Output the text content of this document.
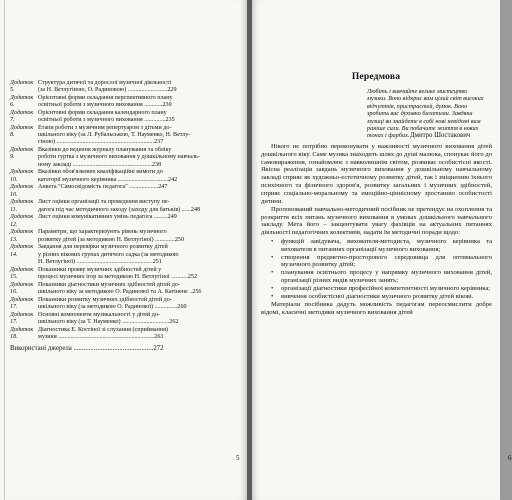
Додаток 5.
Структура дитячої та дорослої музичної діяльності
(за Н. Ветлугіною, О. Радиновою) ..........................229
Додаток 6.
Орієнтовні форми складання перспективного плану
освітньої роботи з музичного виховання ............230
Додаток 7.
Орієнтовні форми складання календарного плану
освітньої роботи з музичного виховання ..............235
Додаток 8.
Етапи роботи з музичним репертуаром з дітьми до-
шкільного віку (за Л. Рубальською, Т. Науменко, Н. Ветлу-
гіною) ................................................................237
Додаток 9.
Вказівки до ведення журналу планування та обліку
роботи гуртка з музичного виховання у дошкільному навчаль-
ному закладі ....................................................238
Додаток 10.
Вказівки обов'язкових кваліфікаційні вимоги до
категорії музичного керівника .................................242
Додаток 10.
Анкета "Самосвідомість педагога" ...................247
Додаток 11.
Лист оцінки організації та проведення виступу пе-
дагога під час методичного заходу (заходу для батьків) ......248
Додаток 12.
Лист оцінки комунікативних умінь педагога .........249
Додаток 13.
Параметри, що характеризують рівень музичного
розвитку дітей (за методикою Н. Ветлугіної) .............250
Додаток 14.
Завдання для перевірки музичного розвитку дітей
у різних вікових групах дитячого садка (за методикою
Н. Ветлугіної) ..................................................251
Додаток 15.
Показники прояву музичних здібностей дітей у
процесі музичних ігор за методикою Н. Ветлугіної ...........252
Додаток 16.
Показники діагностики музичних здібностей дітей до-
шкільного віку за методикою О. Радинової та А. Катінене ..256
Додаток 17.
Показники розвитку музичних здібностей дітей до-
шкільного віку (за методикою О. Радинової) ...............260
Додаток 17.
Основні компоненти музикальності у дітей до-
шкільного віку (за Т. Науменко) ...............................262
Додаток 18.
Діагностика Е. Костіної зі слухання (сприймання)
музики ...............................................................263
Використані джерела ...............................................272
5
Передмова
Любіть і вивчайте велике мистецтво музики. Воно відкриє вам цілий світ високих відчуттів, пристрастей, думок. Воно зробить вас духовно багатими. Завдяки музиці ви знайдете в собі нові невідомі вам раніше сили. Ви побачите життя в нових тонах і фарбах. Дмитро Шостакович

Нікого не потрібно переконувати у важливості музичного виховання дітей дошкільного віку. Саме музика знаходить шлях до душі малюка, спонукає його до самовираження, ознайомлює з навколишнім світом, розвиває особистісні якості. Якісна реалізація завдань музичного виховання у дошкільному навчальному закладі сприяє як художньо-естетичному розвитку дітей, так і зміцненню їхнього психічного та фізичного здоров'я, розвитку загальних і музичних здібностей, сприяє соціально-моральному та емоційно-ціннісному зростанню особистості дитини.

Пропонований навчально-методичний посібник не претендує на охоплення та розкриття всіх питань музичного виховання в умовах дошкільного навчального закладу. Мета його – закцентувати увагу фахівців на актуальних питаннях діяльності педагогічних колективів, надати їм методичні поради щодо:

•	функцій завідувача, вихователя-методиста, музичного керівника та вихователя в питаннях організації музичного виховання;
•	створення предметно-просторового середовища для оптимального музичного розвитку дітей;
•	планування освітнього процесу у напрямку музичного виховання дітей, організації різних видів музичних занять;
•	організації діагностики професійної компетентності музичного керівника;
•	вивчення особистісної діагностики музичного розвитку дітей вікові.

Матеріали посібника дадуть можливість педагогам переосмислити добре відомі, класичні методики музичного виховання дітей

6
